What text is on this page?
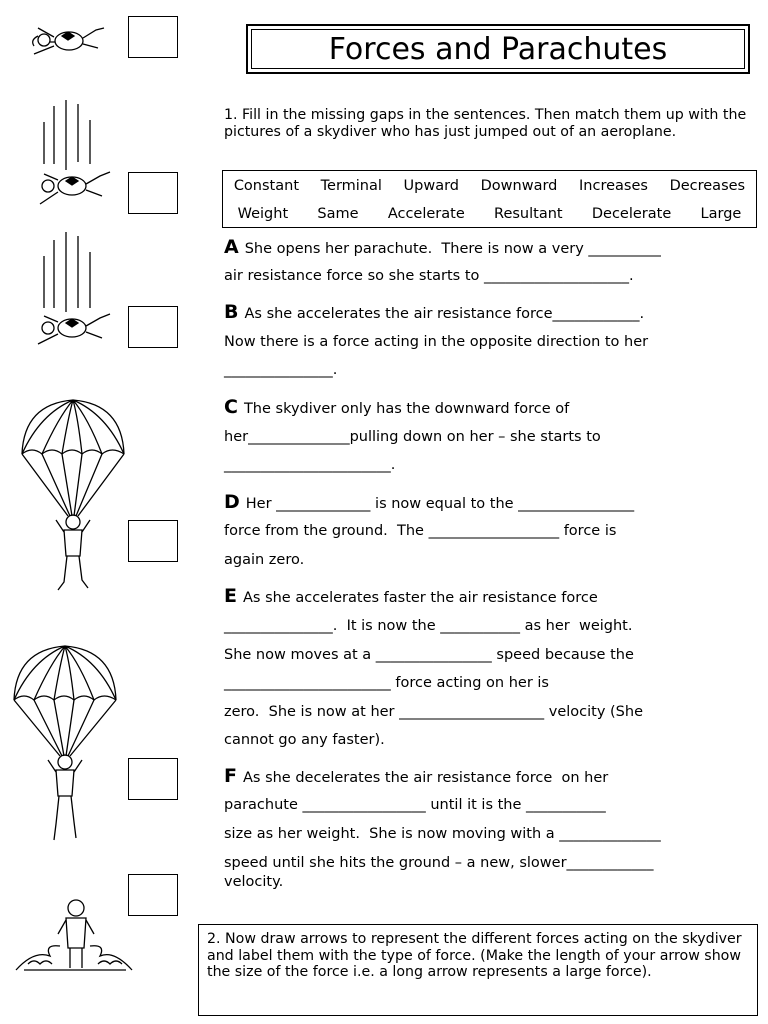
Forces and Parachutes
1. Fill in the missing gaps in the sentences. Then match them up with the pictures of a skydiver who has just jumped out of an aeroplane.
Constant Terminal Upward Downward Increases Decreases
Weight Same Accelerate Resultant Decelerate Large
A She opens her parachute.  There is now a very __________
air resistance force so she starts to ____________________.
B As she accelerates the air resistance force____________.
Now there is a force acting in the opposite direction to her
_______________.
C The skydiver only has the downward force of
her______________pulling down on her – she starts to
_______________________.
D Her _____________ is now equal to the ________________
force from the ground.  The __________________ force is
again zero.
E As she accelerates faster the air resistance force
_______________.  It is now the ___________ as her  weight.
She now moves at a ________________ speed because the
_______________________ force acting on her is
zero.  She is now at her ____________________ velocity (She
cannot go any faster).
F As she decelerates the air resistance force  on her
parachute _________________ until it is the ___________
size as her weight.  She is now moving with a ______________
speed until she hits the ground – a new, slower____________
velocity.
2. Now draw arrows to represent the different forces acting on the skydiver and label them with the type of force. (Make the length of your arrow show the size of the force i.e. a long arrow represents a large force).
